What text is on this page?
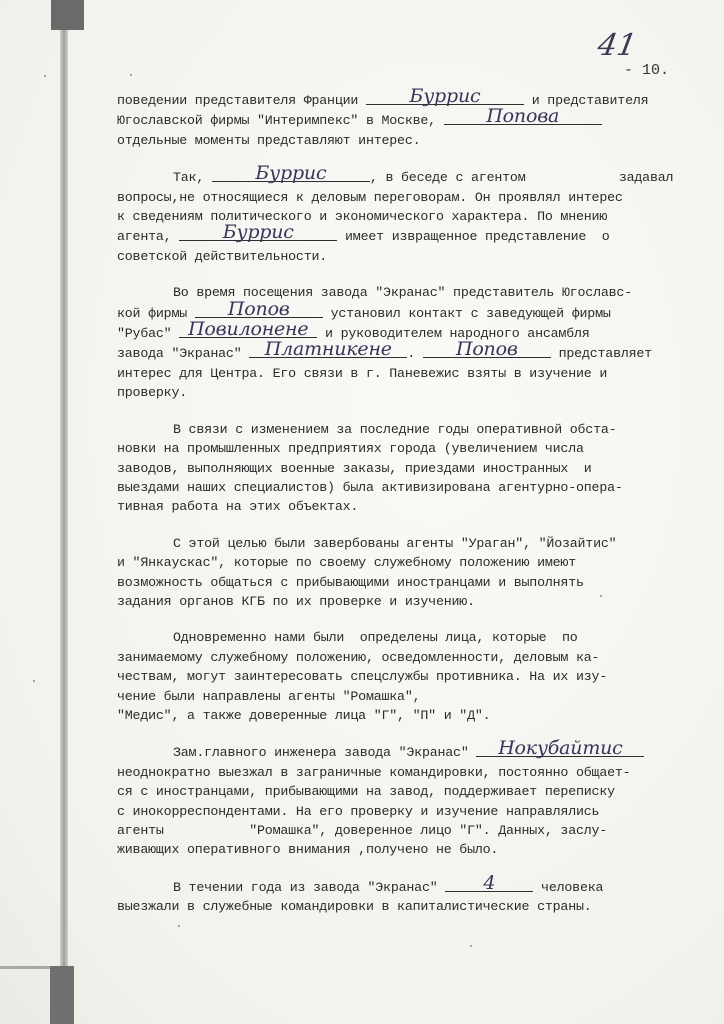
41
- 10.
поведении представителя Франции Буррис	и представителя
Югославской фирмы "Интеримпекс" в Москве, Попова
отдельные моменты представляют интерес.
Так, Буррис	, в беседе с агентом            задавал
вопросы,не относящиеся к деловым переговорам. Он проявлял интерес
к сведениям политического и экономического характера. По мнению
агента, Буррис	имеет извращенное представление  о
советской действительности.
Во время посещения завода "Экранас" представитель Югославс-
кой фирмы Попов установил контакт с заведующей фирмы
"Рубас" Повилонене и руководителем народного ансамбля
завода "Экранас" Платникене . Попов представляет
интерес для Центра. Его связи в г. Паневежис взяты в изучение и
проверку.
В связи с изменением за последние годы оперативной обста-
новки на промышленных предприятиях города (увеличением числа
заводов, выполняющих военные заказы, приездами иностранных  и
выездами наших специалистов) была активизирована агентурно-опера-
тивная работа на этих объектах.
С этой целью были завербованы агенты "Ураган", "Йозайтис"
и "Янкаускас", которые по своему служебному положению имеют
возможность общаться с прибывающими иностранцами и выполнять
задания органов КГБ по их проверке и изучению.
Одновременно нами были  определены лица, которые  по
занимаемому служебному положению, осведомленности, деловым ка-
чествам, могут заинтересовать спецслужбы противника. На их изу-
чение были направлены агенты "Ромашка",
"Медис", а также доверенные лица "Г", "П" и "Д".
Зам.главного инженера завода "Экранас" Нокубайтис
неоднократно выезжал в заграничные командировки, постоянно общает-
ся с иностранцами, прибывающими на завод, поддерживает переписку
с инокорреспондентами. На его проверку и изучение направлялись
агенты           "Ромашка", доверенное лицо "Г". Данных, заслу-
живающих оперативного внимания ,получено не было.
В течении года из завода "Экранас" 4	человека
выезжали в служебные командировки в капиталистические страны.
